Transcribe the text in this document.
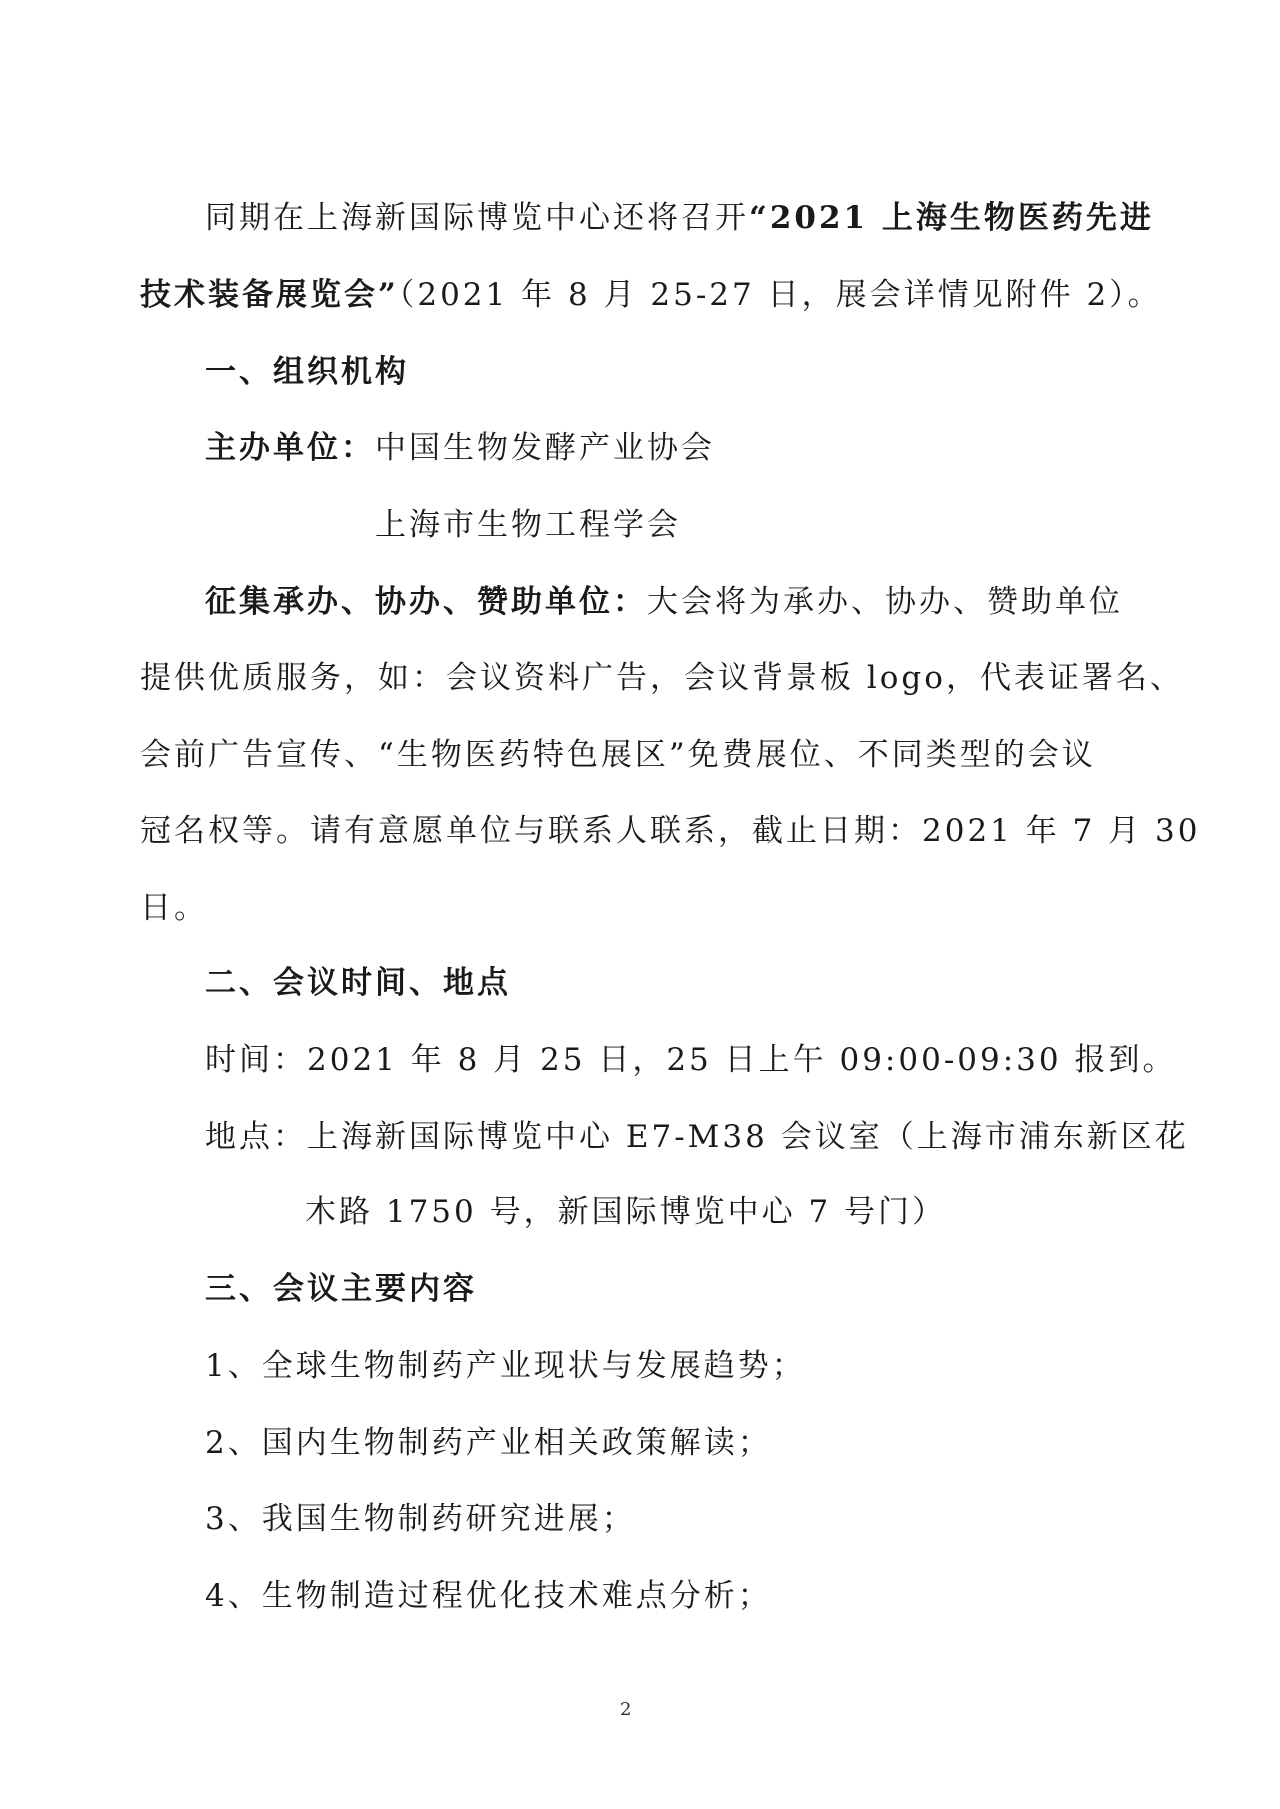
同期在上海新国际博览中心还将召开“2021 上海生物医药先进
技术装备展览会”（2021 年 8 月 25-27 日，展会详情见附件 2）。
一、组织机构
主办单位：中国生物发酵产业协会
上海市生物工程学会
征集承办、协办、赞助单位：大会将为承办、协办、赞助单位
提供优质服务，如：会议资料广告，会议背景板 logo，代表证署名、
会前广告宣传、“生物医药特色展区”免费展位、不同类型的会议
冠名权等。请有意愿单位与联系人联系，截止日期：2021 年 7 月 30
日。
二、会议时间、地点
时间：2021 年 8 月 25 日，25 日上午 09:00-09:30 报到。
地点：上海新国际博览中心 E7-M38 会议室（上海市浦东新区花
木路 1750 号，新国际博览中心 7 号门）
三、会议主要内容
1、全球生物制药产业现状与发展趋势；
2、国内生物制药产业相关政策解读；
3、我国生物制药研究进展；
4、生物制造过程优化技术难点分析；
2
